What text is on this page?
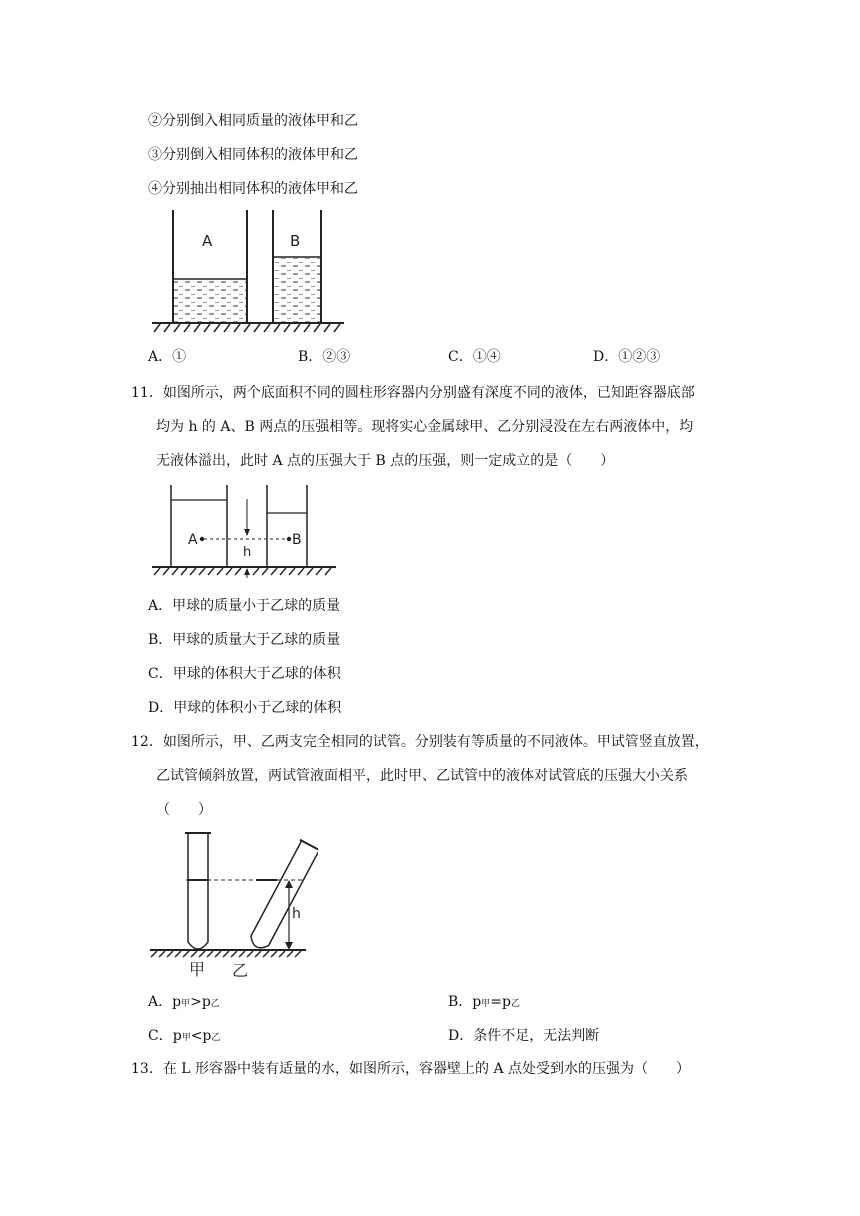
②分别倒入相同质量的液体甲和乙
③分别倒入相同体积的液体甲和乙
④分别抽出相同体积的液体甲和乙
A	B
A．①	B．②③	C．①④	D．①②③
11．如图所示，两个底面积不同的圆柱形容器内分别盛有深度不同的液体，已知距容器底部
均为 h 的 A、B 两点的压强相等。现将实心金属球甲、乙分别浸没在左右两液体中，均
无液体溢出，此时 A 点的压强大于 B 点的压强，则一定成立的是（　　）
A	B
h
A．甲球的质量小于乙球的质量
B．甲球的质量大于乙球的质量
C．甲球的体积大于乙球的体积
D．甲球的体积小于乙球的体积
12．如图所示，甲、乙两支完全相同的试管。分别装有等质量的不同液体。甲试管竖直放置，
乙试管倾斜放置，两试管液面相平，此时甲、乙试管中的液体对试管底的压强大小关系
（　　）
h
甲 乙
A．p甲>p乙	B．p甲=p乙
C．p甲<p乙	D．条件不足，无法判断
13．在 L 形容器中装有适量的水，如图所示，容器壁上的 A 点处受到水的压强为（　　）
